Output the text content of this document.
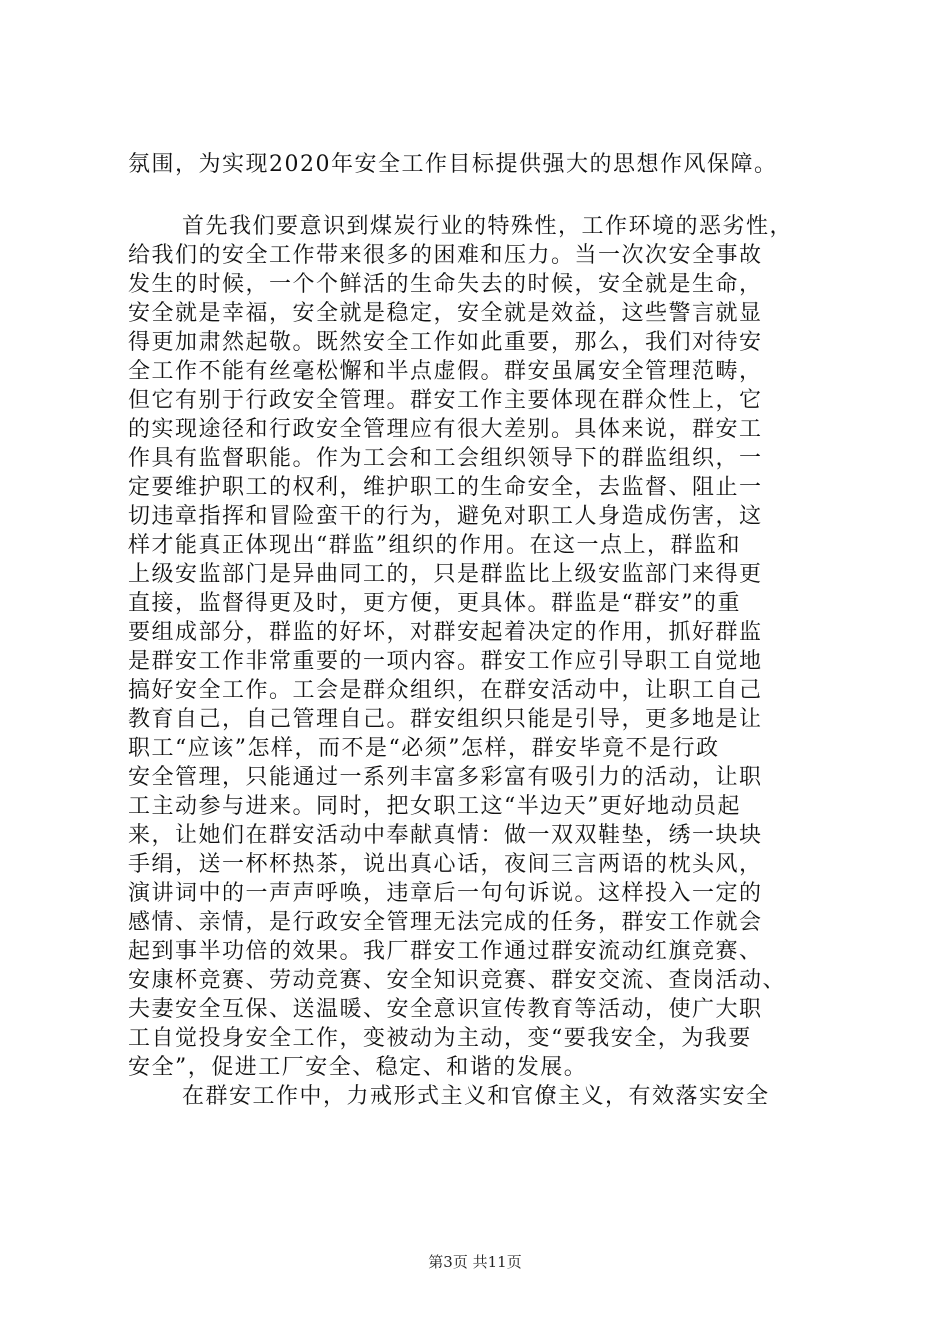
氛围，为实现2020年安全工作目标提供强大的思想作风保障。
首先我们要意识到煤炭行业的特殊性，工作环境的恶劣性，
给我们的安全工作带来很多的困难和压力。当一次次安全事故
发生的时候，一个个鲜活的生命失去的时候，安全就是生命，
安全就是幸福，安全就是稳定，安全就是效益，这些警言就显
得更加肃然起敬。既然安全工作如此重要，那么，我们对待安
全工作不能有丝毫松懈和半点虚假。群安虽属安全管理范畴，
但它有别于行政安全管理。群安工作主要体现在群众性上，它
的实现途径和行政安全管理应有很大差别。具体来说，群安工
作具有监督职能。作为工会和工会组织领导下的群监组织，一
定要维护职工的权利，维护职工的生命安全，去监督、阻止一
切违章指挥和冒险蛮干的行为，避免对职工人身造成伤害，这
样才能真正体现出“群监”组织的作用。在这一点上，群监和
上级安监部门是异曲同工的，只是群监比上级安监部门来得更
直接，监督得更及时，更方便，更具体。群监是“群安”的重
要组成部分，群监的好坏，对群安起着决定的作用，抓好群监
是群安工作非常重要的一项内容。群安工作应引导职工自觉地
搞好安全工作。工会是群众组织，在群安活动中，让职工自己
教育自己，自己管理自己。群安组织只能是引导，更多地是让
职工“应该”怎样，而不是“必须”怎样，群安毕竟不是行政
安全管理，只能通过一系列丰富多彩富有吸引力的活动，让职
工主动参与进来。同时，把女职工这“半边天”更好地动员起
来，让她们在群安活动中奉献真情：做一双双鞋垫，绣一块块
手绢，送一杯杯热茶，说出真心话，夜间三言两语的枕头风，
演讲词中的一声声呼唤，违章后一句句诉说。这样投入一定的
感情、亲情，是行政安全管理无法完成的任务，群安工作就会
起到事半功倍的效果。我厂群安工作通过群安流动红旗竞赛、
安康杯竞赛、劳动竞赛、安全知识竞赛、群安交流、查岗活动、
夫妻安全互保、送温暖、安全意识宣传教育等活动，使广大职
工自觉投身安全工作，变被动为主动，变“要我安全，为我要
安全”，促进工厂安全、稳定、和谐的发展。
在群安工作中，力戒形式主义和官僚主义，有效落实安全
第3页 共11页
